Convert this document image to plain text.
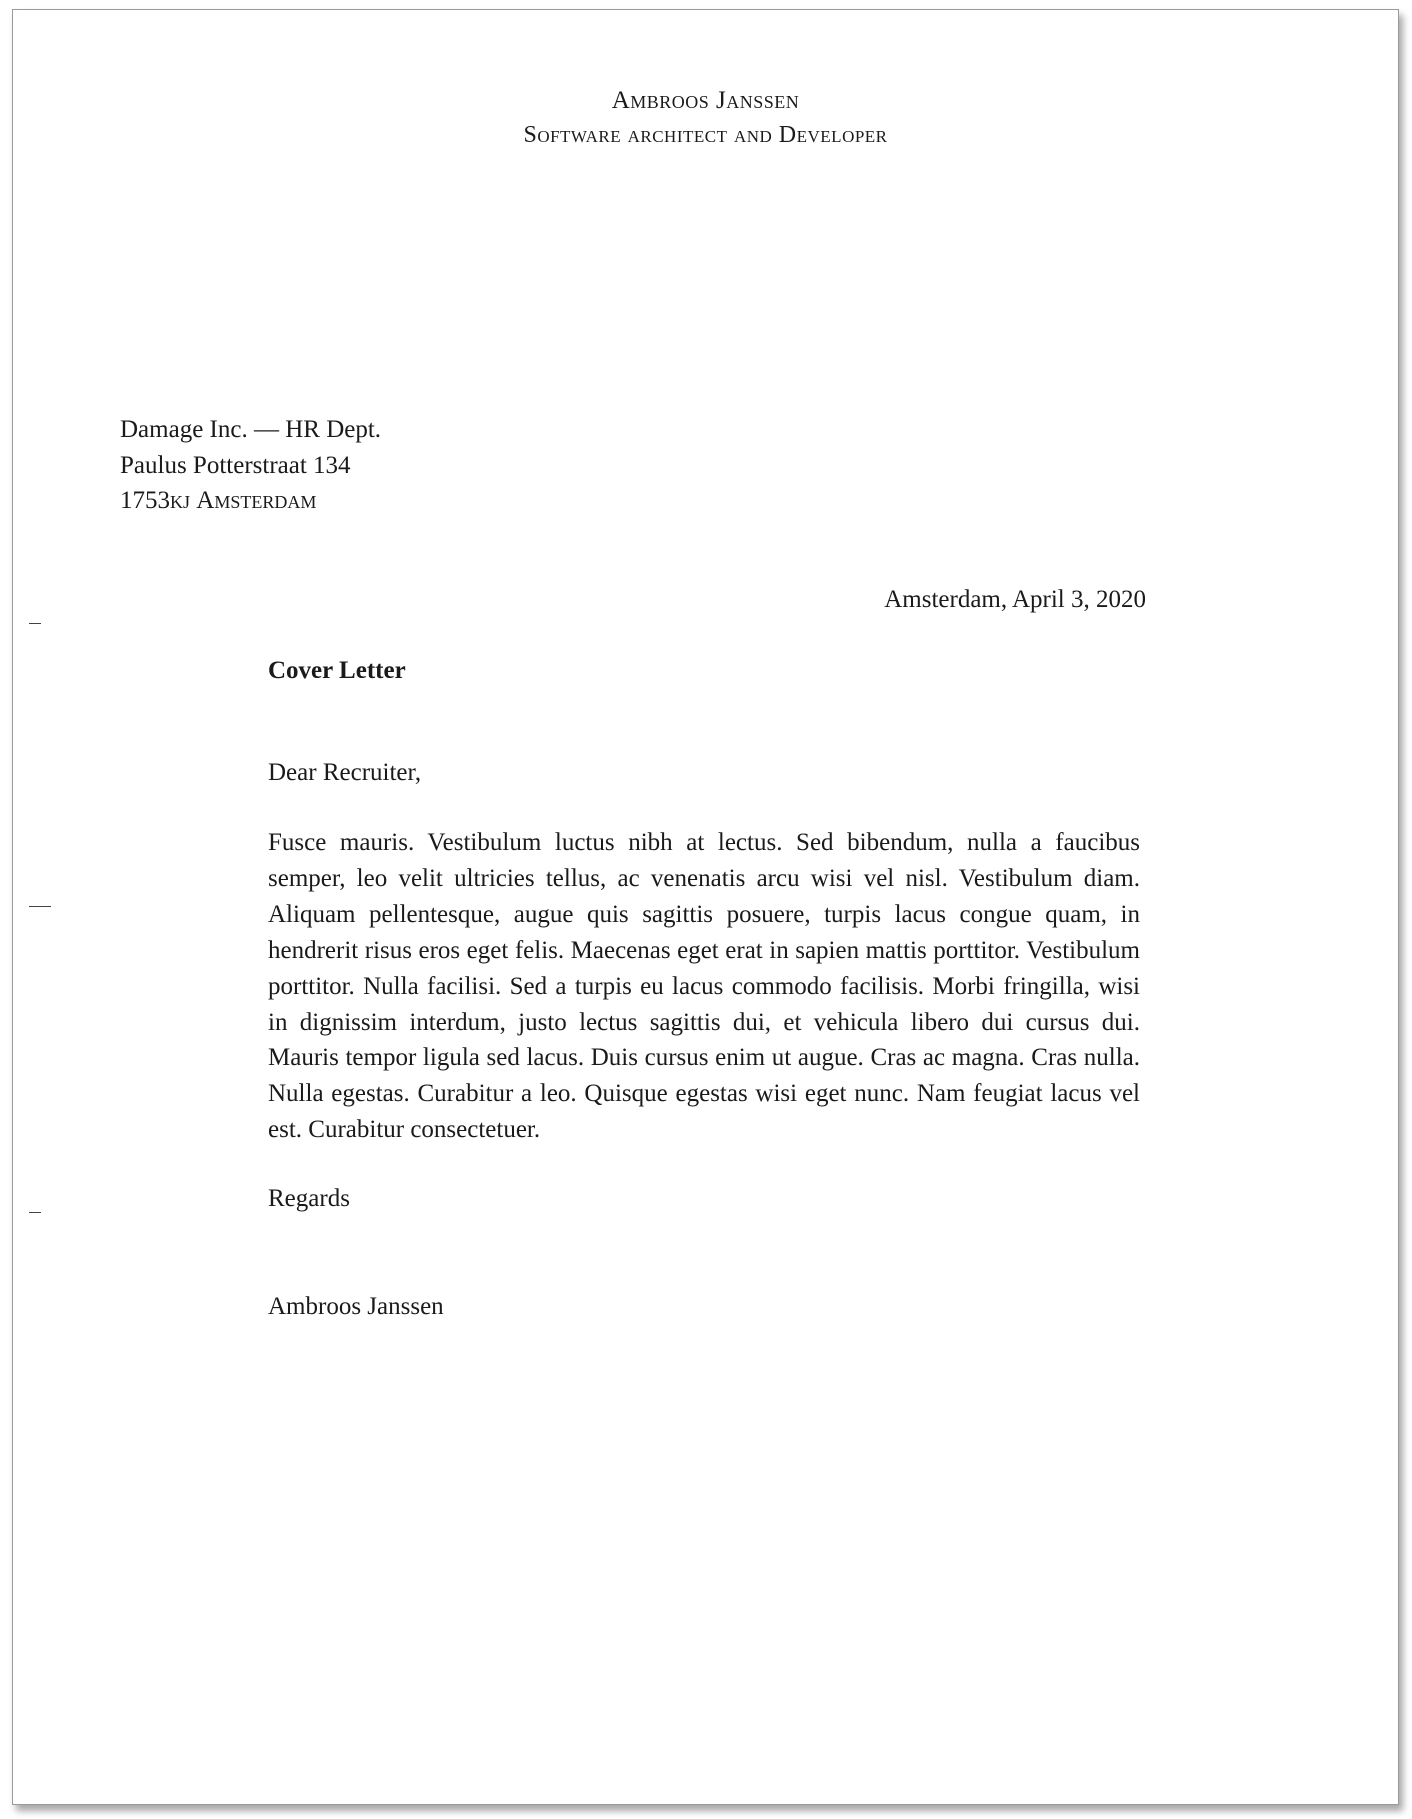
Ambroos Janssen
Software architect and Developer
Damage Inc. — HR Dept.
Paulus Potterstraat 134
1753kj Amsterdam
Amsterdam, April 3, 2020
Cover Letter
Dear Recruiter,

Fusce mauris. Vestibulum luctus nibh at lectus. Sed bibendum, nulla a faucibus semper, leo velit ultricies tellus, ac venenatis arcu wisi vel nisl. Vestibulum diam. Aliquam pellentesque, augue quis sagittis posuere, turpis lacus congue quam, in hendrerit risus eros eget felis. Maecenas eget erat in sapien mattis porttitor. Vestibulum porttitor. Nulla facilisi. Sed a turpis eu lacus commodo facilisis. Morbi fringilla, wisi in dignissim interdum, justo lectus sagittis dui, et vehicula libero dui cursus dui. Mauris tempor ligula sed lacus. Duis cursus enim ut augue. Cras ac magna. Cras nulla. Nulla egestas. Curabitur a leo. Quisque egestas wisi eget nunc. Nam feugiat lacus vel est. Curabitur consectetuer.

Regards
Ambroos Janssen
